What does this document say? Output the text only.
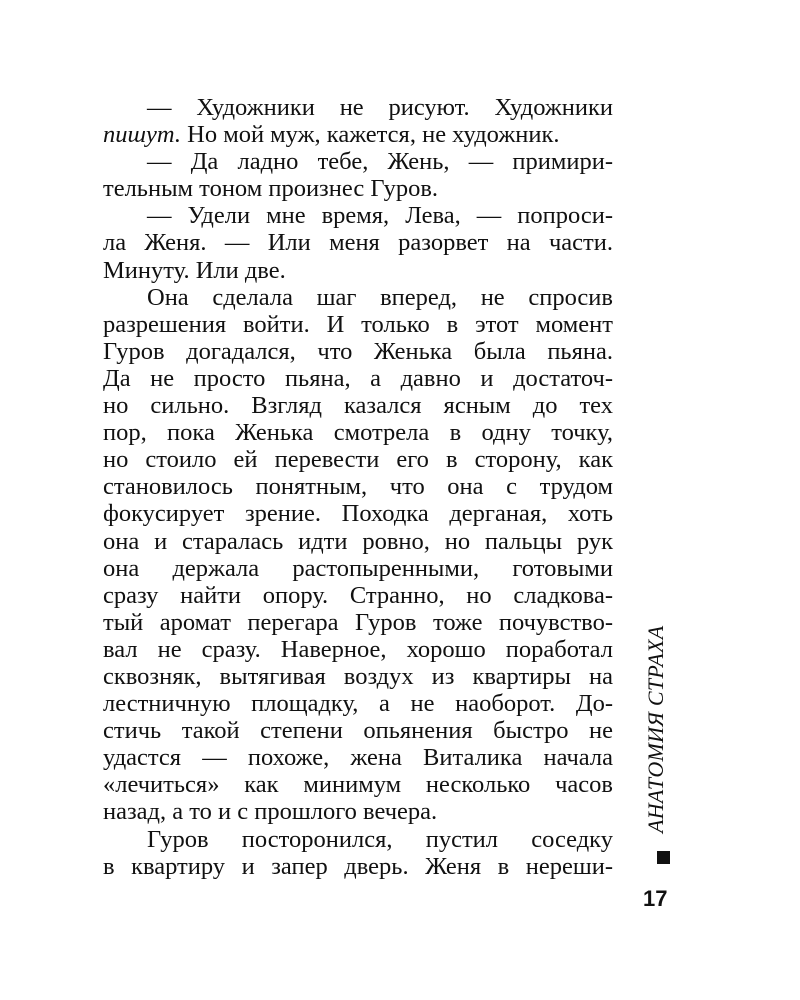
— Художники не рисуют. Художники
пишут. Но мой муж, кажется, не художник.
— Да ладно тебе, Жень, — примири-
тельным тоном произнес Гуров.
— Удели мне время, Лева, — попроси-
ла Женя. — Или меня разорвет на части.
Минуту. Или две.
Она сделала шаг вперед, не спросив
разрешения войти. И только в этот момент
Гуров догадался, что Женька была пьяна.
Да не просто пьяна, а давно и достаточ-
но сильно. Взгляд казался ясным до тех
пор, пока Женька смотрела в одну точку,
но стоило ей перевести его в сторону, как
становилось понятным, что она с трудом
фокусирует зрение. Походка дерганая, хоть
она и старалась идти ровно, но пальцы рук
она держала растопыренными, готовыми
сразу найти опору. Странно, но сладкова-
тый аромат перегара Гуров тоже почувство-
вал не сразу. Наверное, хорошо поработал
сквозняк, вытягивая воздух из квартиры на
лестничную площадку, а не наоборот. До-
стичь такой степени опьянения быстро не
удастся — похоже, жена Виталика начала
«лечиться» как минимум несколько часов
назад, а то и с прошлого вечера.
Гуров посторонился, пустил соседку
в квартиру и запер дверь. Женя в нереши-
АНАТОМИЯ СТРАХА
17
